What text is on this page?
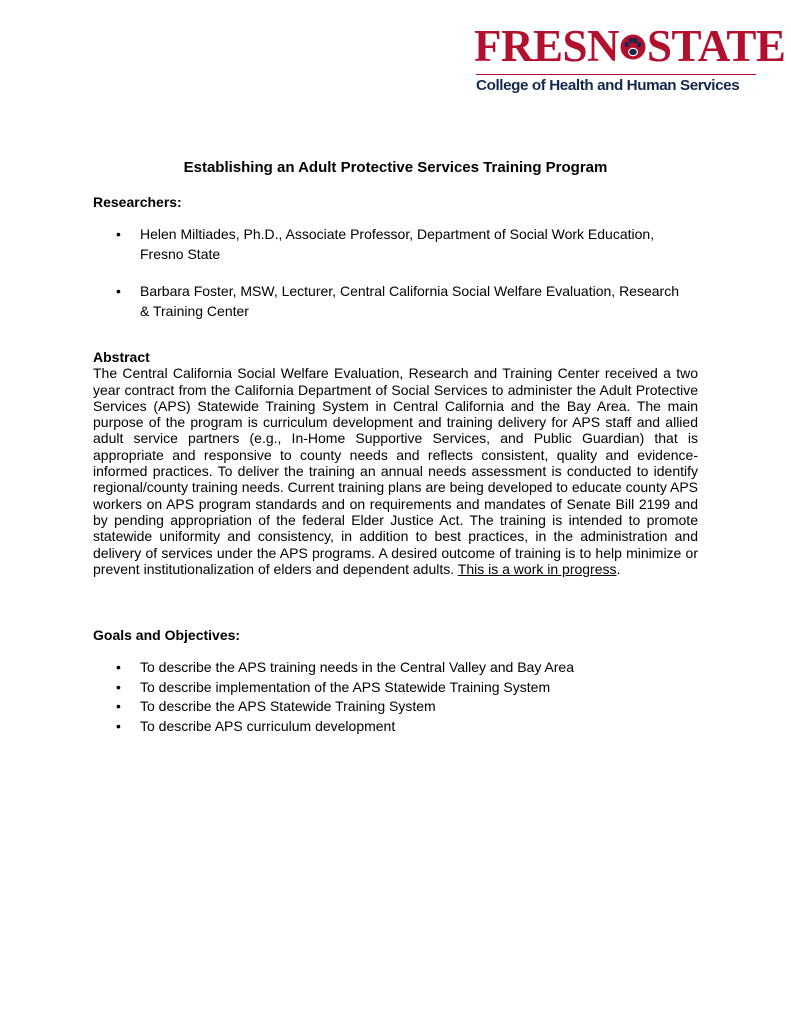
FRESN STATE
College of Health and Human Services
Establishing an Adult Protective Services Training Program
Researchers:
• Helen Miltiades, Ph.D., Associate Professor, Department of Social Work Education,
Fresno State
• Barbara Foster, MSW, Lecturer, Central California Social Welfare Evaluation, Research
& Training Center
Abstract

The Central California Social Welfare Evaluation, Research and Training Center received a two year contract from the California Department of Social Services to administer the Adult Protective Services (APS) Statewide Training System in Central California and the Bay Area. The main purpose of the program is curriculum development and training delivery for APS staff and allied adult service partners (e.g., In-Home Supportive Services, and Public Guardian) that is appropriate and responsive to county needs and reflects consistent, quality and evidence-informed practices. To deliver the training an annual needs assessment is conducted to identify regional/county training needs. Current training plans are being developed to educate county APS workers on APS program standards and on requirements and mandates of Senate Bill 2199 and by pending appropriation of the federal Elder Justice Act. The training is intended to promote statewide uniformity and consistency, in addition to best practices, in the administration and delivery of services under the APS programs. A desired outcome of training is to help minimize or prevent institutionalization of elders and dependent adults. This is a work in progress.

Goals and Objectives:
• To describe the APS training needs in the Central Valley and Bay Area
• To describe implementation of the APS Statewide Training System
• To describe the APS Statewide Training System
• To describe APS curriculum development
